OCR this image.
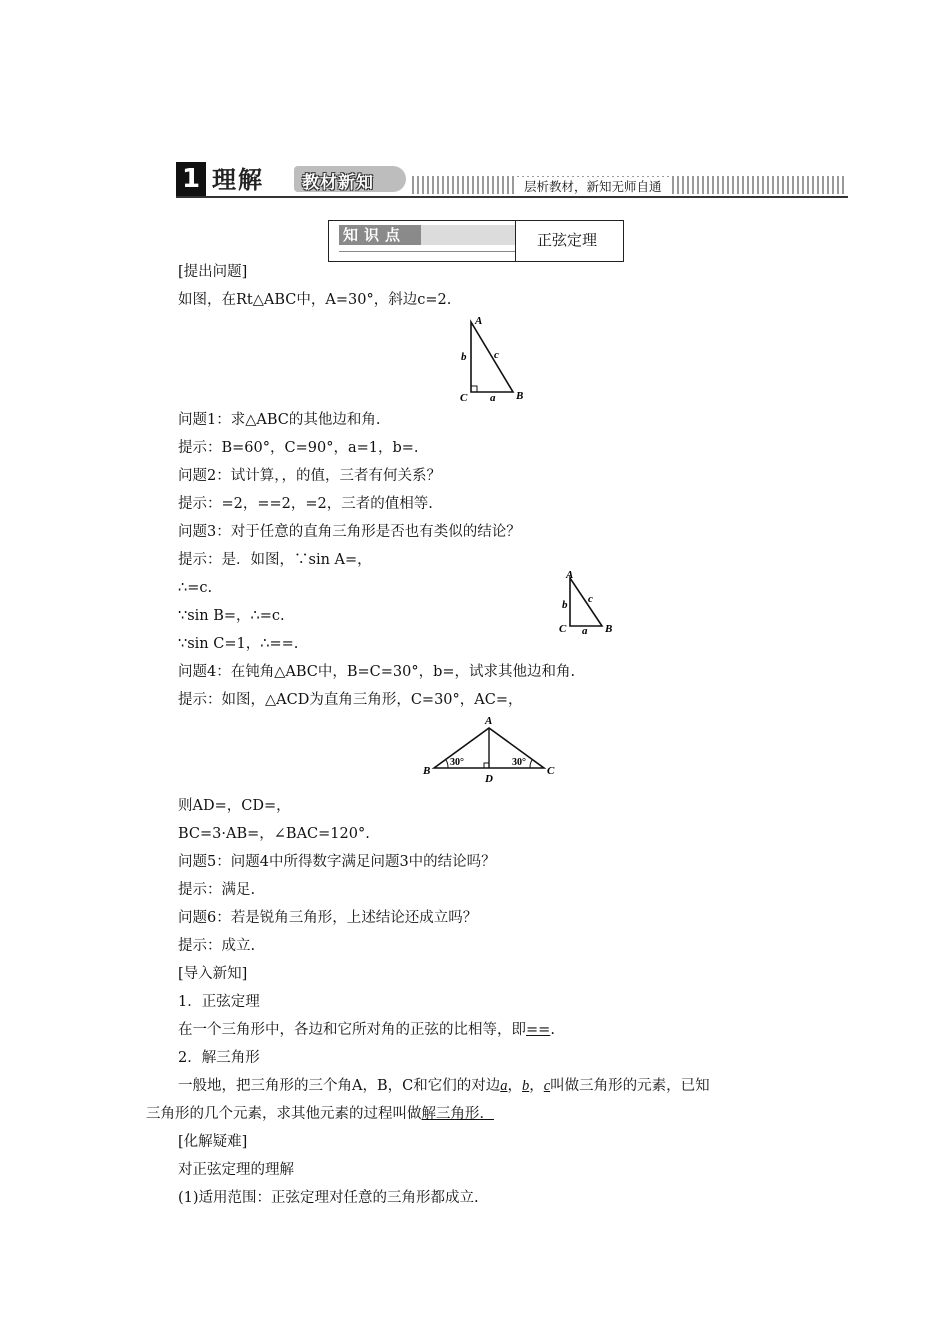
1 理解 教材新知	层析教材，新知无师自通
知识点	正弦定理
[提出问题]
如图，在Rt△ABC中，A=30°，斜边c=2.
A
b	c
C a B
问题1：求△ABC的其他边和角.
提示：B=60°，C=90°，a=1，b=.
问题2：试计算，，的值，三者有何关系？
提示：=2，==2，=2，三者的值相等.
问题3：对于任意的直角三角形是否也有类似的结论？
提示：是．如图，∵sin A=，
∴=c.
∵sin B=，∴=c.
∵sin C=1，∴==.
A
b c
C a B
问题4：在钝角△ABC中，B=C=30°，b=，试求其他边和角.
提示：如图，△ACD为直角三角形，C=30°，AC=，
A
30°	30°
B
D
C
则AD=，CD=，
BC=3·AB=，∠BAC=120°.
问题5：问题4中所得数字满足问题3中的结论吗？
提示：满足.
问题6：若是锐角三角形，上述结论还成立吗？
提示：成立.
[导入新知]
1．正弦定理
在一个三角形中，各边和它所对角的正弦的比相等，即==.
2．解三角形
一般地，把三角形的三个角A，B，C和它们的对边a，b，c叫做三角形的元素，已知
三角形的几个元素，求其他元素的过程叫做解三角形．
[化解疑难]
对正弦定理的理解
(1)适用范围：正弦定理对任意的三角形都成立.
